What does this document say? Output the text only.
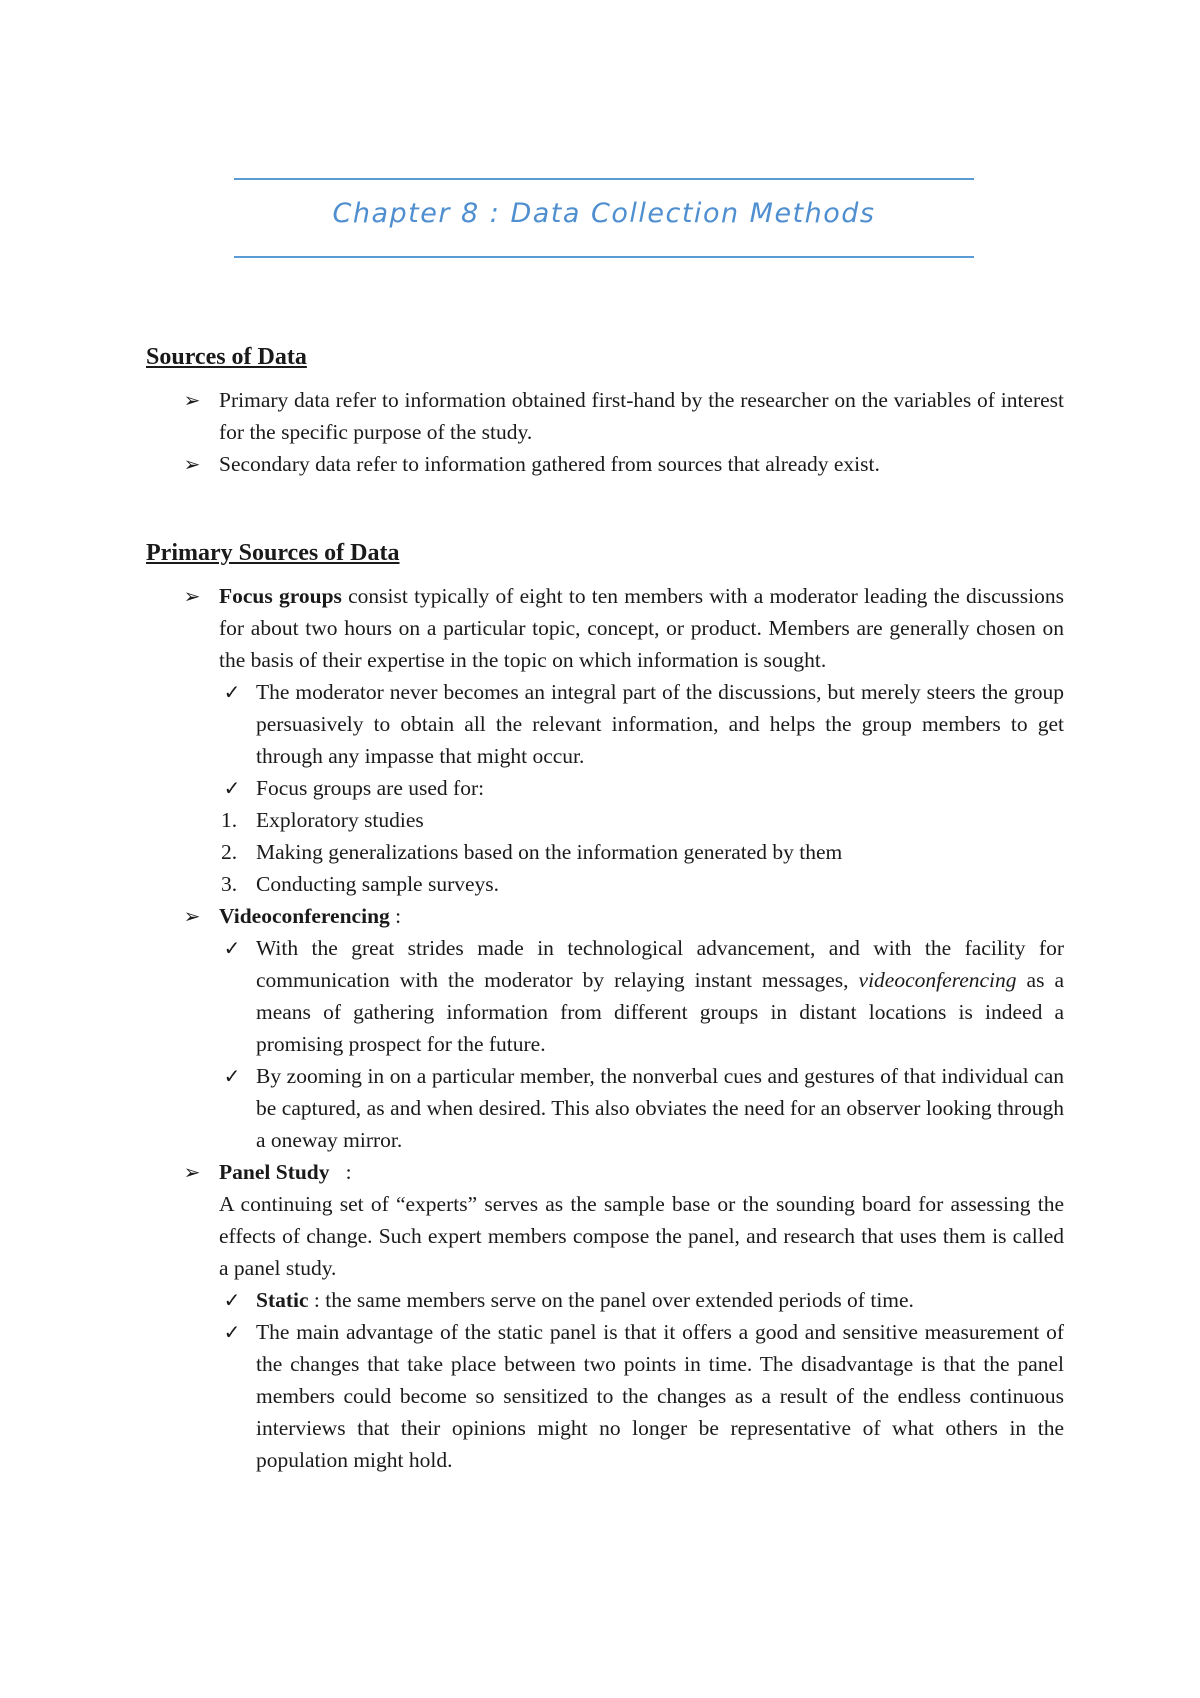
Chapter 8 : Data Collection Methods
Sources of Data
➢ Primary data refer to information obtained first-hand by the researcher on the variables of interest for the specific purpose of the study.
➢ Secondary data refer to information gathered from sources that already exist.
Primary Sources of Data
➢ Focus groups consist typically of eight to ten members with a moderator leading the discussions for about two hours on a particular topic, concept, or product. Members are generally chosen on the basis of their expertise in the topic on which information is sought.
✓ The moderator never becomes an integral part of the discussions, but merely steers the group persuasively to obtain all the relevant information, and helps the group members to get through any impasse that might occur.
✓ Focus groups are used for:
1. Exploratory studies
2. Making generalizations based on the information generated by them
3. Conducting sample surveys.
➢ Videoconferencing :
✓ With the great strides made in technological advancement, and with the facility for communication with the moderator by relaying instant messages, videoconferencing as a means of gathering information from different groups in distant locations is indeed a promising prospect for the future.
✓ By zooming in on a particular member, the nonverbal cues and gestures of that individual can be captured, as and when desired. This also obviates the need for an observer looking through a oneway mirror.
➢ Panel Study   :
A continuing set of “experts” serves as the sample base or the sounding board for assessing the effects of change. Such expert members compose the panel, and research that uses them is called a panel study.
✓ Static : the same members serve on the panel over extended periods of time.
✓ The main advantage of the static panel is that it offers a good and sensitive measurement of the changes that take place between two points in time. The disadvantage is that the panel members could become so sensitized to the changes as a result of the endless continuous interviews that their opinions might no longer be representative of what others in the population might hold.
